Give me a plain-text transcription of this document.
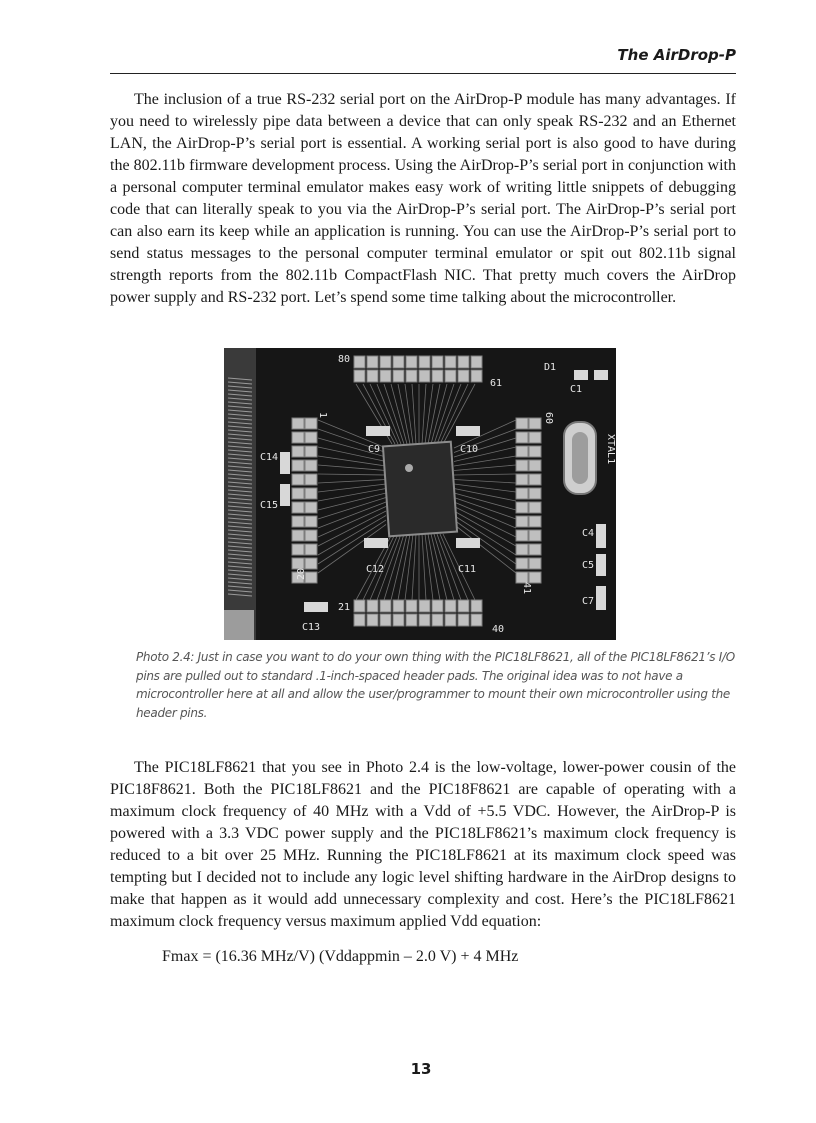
The AirDrop-P

The inclusion of a true RS-232 serial port on the AirDrop-P module has many advantages. If you need to wirelessly pipe data between a device that can only speak RS-232 and an Ethernet LAN, the AirDrop-P’s serial port is essential. A working serial port is also good to have during the 802.11b firmware development process. Using the AirDrop-P’s serial port in conjunction with a personal computer terminal emulator makes easy work of writing little snippets of debugging code that can literally speak to you via the AirDrop-P’s serial port. The AirDrop-P’s serial port can also earn its keep while an application is running. You can use the AirDrop-P’s serial port to send status messages to the personal computer terminal emulator or spit out 802.11b signal strength reports from the 802.11b CompactFlash NIC. That pretty much covers the AirDrop power supply and RS-232 port. Let’s spend some time talking about the microcontroller.

80
61
D1
C1
60
1
C9	C10
C14
C15
XTAL1
C4
C5
C7
C12	C11
41
20
21
40
C13

Photo 2.4: Just in case you want to do your own thing with the PIC18LF8621, all of the PIC18LF8621’s I/O pins are pulled out to standard .1-inch-spaced header pads. The original idea was to not have a microcontroller here at all and allow the user/programmer to mount their own microcontroller using the header pins.

The PIC18LF8621 that you see in Photo 2.4 is the low-voltage, lower-power cousin of the PIC18F8621. Both the PIC18LF8621 and the PIC18F8621 are capable of operating with a maximum clock frequency of 40 MHz with a Vdd of +5.5 VDC. However, the AirDrop-P is powered with a 3.3 VDC power supply and the PIC18LF8621’s maximum clock frequency is reduced to a bit over 25 MHz. Running the PIC18LF8621 at its maximum clock speed was tempting but I decided not to include any logic level shifting hardware in the AirDrop designs to make that happen as it would add unnecessary complexity and cost. Here’s the PIC18LF8621 maximum clock frequency versus maximum applied Vdd equation:

Fmax = (16.36 MHz/V) (Vddappmin – 2.0 V) + 4 MHz

13
